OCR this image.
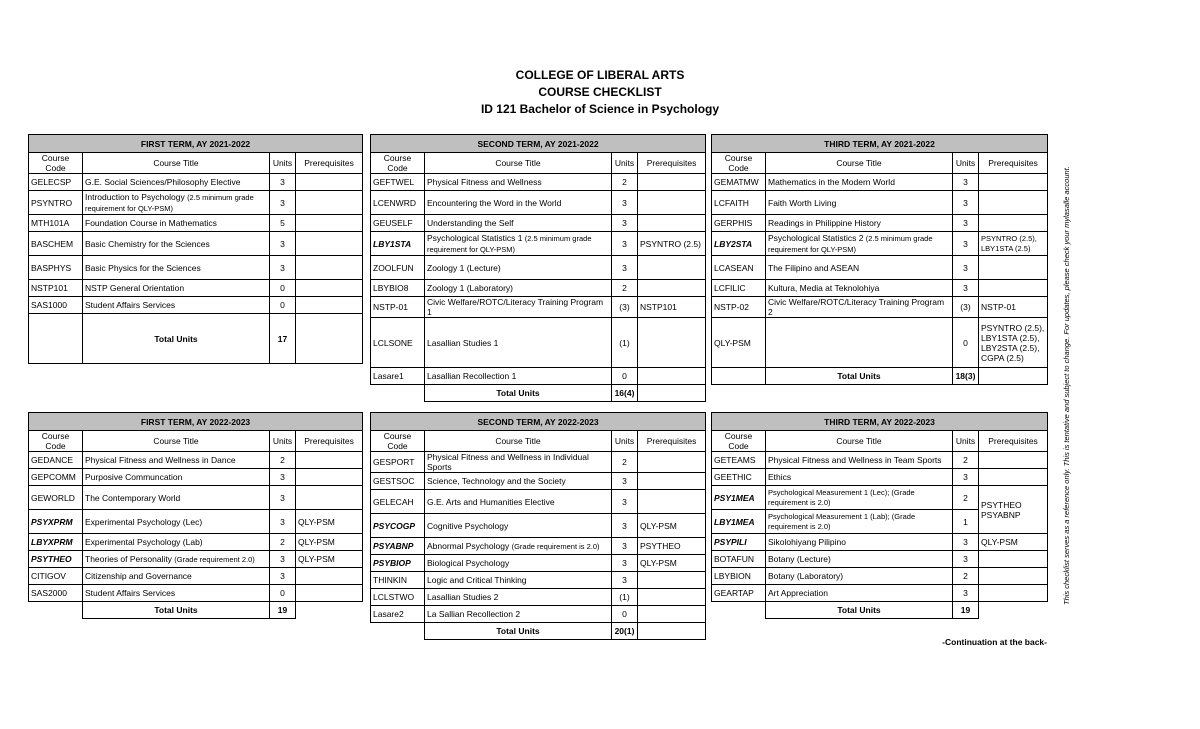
COLLEGE OF LIBERAL ARTS
COURSE CHECKLIST
ID 121 Bachelor of Science in Psychology
FIRST TERM, AY 2021-2022			
Course Code	Course Title	Units	Prerequisites
GELECSP	G.E. Social Sciences/Philosophy Elective	3	
PSYNTRO	Introduction to Psychology (2.5 minimum grade requirement for QLY-PSM)	3	
MTH101A	Foundation Course in Mathematics	5	
BASCHEM	Basic Chemistry for the Sciences	3	
BASPHYS	Basic Physics for the Sciences	3	
NSTP101	NSTP General Orientation	0	
SAS1000	Student Affairs Services	0	
	Total Units	17	
SECOND TERM, AY 2021-2022			
Course Code	Course Title	Units	Prerequisites
GEFTWEL	Physical Fitness and Wellness	2	
LCENWRD	Encountering the Word in the World	3	
GEUSELF	Understanding the Self	3	
LBY1STA	Psychological Statistics 1 (2.5 minimum grade requirement for QLY-PSM)	3	PSYNTRO (2.5)
ZOOLFUN	Zoology 1 (Lecture)	3	
LBYBIO8	Zoology 1 (Laboratory)	2	
NSTP-01	Civic Welfare/ROTC/Literacy Training Program 1	(3)	NSTP101
LCLSONE	Lasallian Studies 1	(1)	
Lasare1	Lasallian Recollection 1	0	
	Total Units	16(4)	
THIRD TERM, AY 2021-2022			
Course Code	Course Title	Units	Prerequisites
GEMATMW	Mathematics in the Modern World	3	
LCFAITH	Faith Worth Living	3	
GERPHIS	Readings in Philippine History	3	
LBY2STA	Psychological Statistics 2 (2.5 minimum grade requirement for QLY-PSM)	3	PSYNTRO (2.5), LBY1STA (2.5)
LCASEAN	The Filipino and ASEAN	3	
LCFILIC	Kultura, Media at Teknolohiya	3	
NSTP-02	Civic Welfare/ROTC/Literacy Training Program 2	(3)	NSTP-01
QLY-PSM		0	PSYNTRO (2.5), LBY1STA (2.5), LBY2STA (2.5), CGPA (2.5)
	Total Units	18(3)	
FIRST TERM, AY 2022-2023			
Course Code	Course Title	Units	Prerequisites
GEDANCE	Physical Fitness and Wellness in Dance	2	
GEPCOMM	Purposive Communcation	3	
GEWORLD	The Contemporary World	3	
PSYXPRM	Experimental Psychology (Lec)	3	QLY-PSM
LBYXPRM	Experimental Psychology (Lab)	2	QLY-PSM
PSYTHEO	Theories of Personality (Grade requirement 2.0)	3	QLY-PSM
CITIGOV	Citizenship and Governance	3	
SAS2000	Student Affairs Services	0	
	Total Units	19	
SECOND TERM, AY 2022-2023			
Course Code	Course Title	Units	Prerequisites
GESPORT	Physical Fitness and Wellness in Individual Sports	2	
GESTSOC	Science, Technology and the Society	3	
GELECAH	G.E. Arts and Humanities Elective	3	
PSYCOGP	Cognitive Psychology	3	QLY-PSM
PSYABNP	Abnormal Psychology (Grade requirement is 2.0)	3	PSYTHEO
PSYBIOP	Biological Psychology	3	QLY-PSM
THINKIN	Logic and Critical Thinking	3	
LCLSTWO	Lasallian Studies 2	(1)	
Lasare2	La Sallian Recollection 2	0	
	Total Units	20(1)	
THIRD TERM, AY 2022-2023			
Course Code	Course Title	Units	Prerequisites
GETEAMS	Physical Fitness and Wellness in Team Sports	2	
GEETHIC	Ethics	3	
PSY1MEA	Psychological Measurement 1 (Lec); (Grade requirement is 2.0)	2	PSYTHEO PSYABNP
LBY1MEA	Psychological Measurement 1 (Lab); (Grade requirement is 2.0)	1	
PSYPILI	Sikolohiyang Pilipino	3	QLY-PSM
BOTAFUN	Botany (Lecture)	3	
LBYBION	Botany (Laboratory)	2	
GEARTAP	Art Appreciation	3	
	Total Units	19	
This checklist serves as a reference only. This is tentative and subject to change. For updates, please check your mylasalle account.
-Continuation at the back-
